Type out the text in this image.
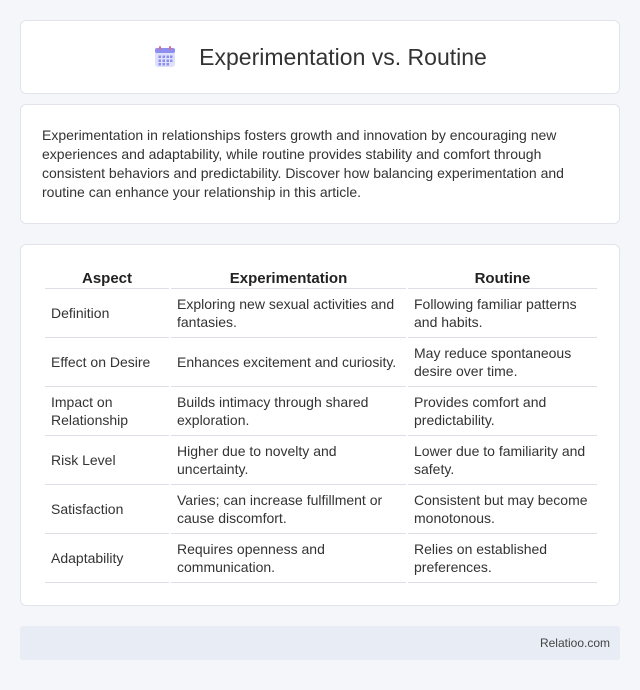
Experimentation vs. Routine

Experimentation in relationships fosters growth and innovation by encouraging new experiences and adaptability, while routine provides stability and comfort through consistent behaviors and predictability. Discover how balancing experimentation and routine can enhance your relationship in this article.

Aspect	Experimentation	Routine
Definition	Exploring new sexual activities and fantasies.	Following familiar patterns and habits.
Effect on Desire	Enhances excitement and curiosity.	May reduce spontaneous desire over time.
Impact on Relationship	Builds intimacy through shared exploration.	Provides comfort and predictability.
Risk Level	Higher due to novelty and uncertainty.	Lower due to familiarity and safety.
Satisfaction	Varies; can increase fulfillment or cause discomfort.	Consistent but may become monotonous.
Adaptability	Requires openness and communication.	Relies on established preferences.
Relatioo.com
